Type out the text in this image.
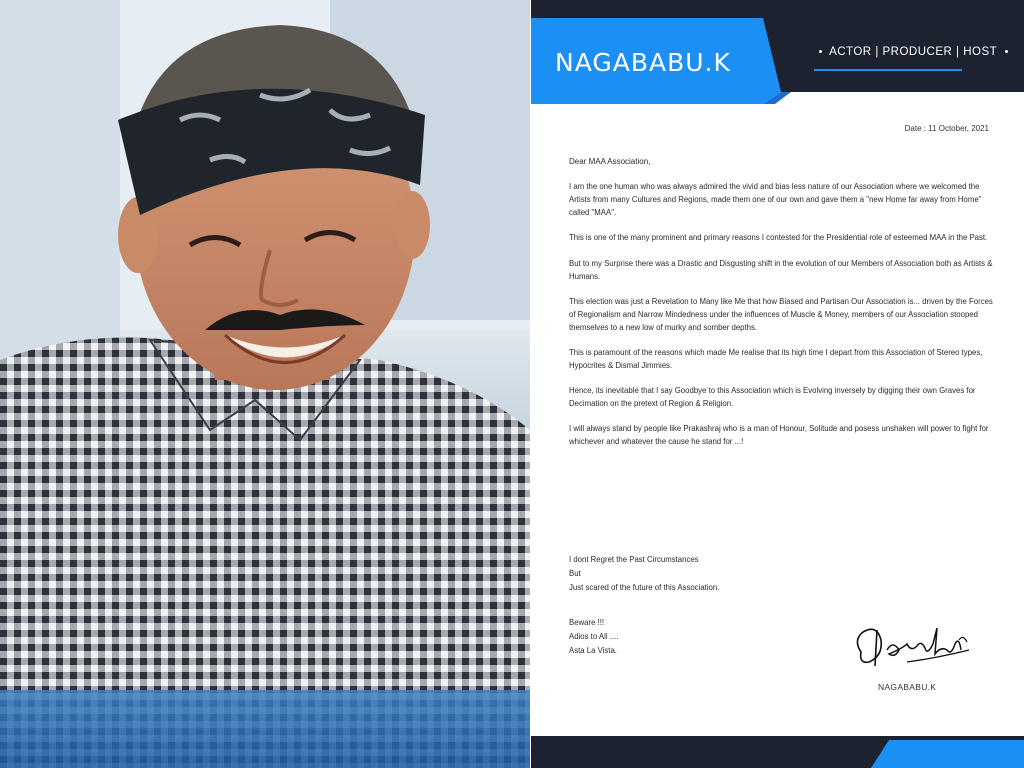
NAGABABU.K	ACTOR | PRODUCER | HOST
Date : 11 October, 2021

Dear MAA Association,

I am the one human who was always admired the vivid and bias less nature of our Association where we welcomed the Artists from many Cultures and Regions, made them one of our own and gave them a "new Home far away from Home" called "MAA".

This is one of the many prominent and primary reasons I contested for the Presidential role of esteemed MAA in the Past.

But to my Surprise there was a Drastic and Disgusting shift in the evolution of our Members of Association both as Artists & Humans.

This election was just a Revelation to Many like Me that how Biased and Partisan Our Association is... driven by the Forces of Regionalism and Narrow Mindedness under the influences of Muscle & Money, members of our Association stooped themselves to a new low of murky and somber depths.

This is paramount of the reasons which made Me realise that its high time I depart from this Association of Stereo types, Hypocrites & Dismal Jimmies.

Hence, its inevitable that I say Goodbye to this Association which is Evolving inversely by digging their own Graves for Decimation on the pretext of Region & Religion.

I will always stand by people like Prakashraj who is a man of Honour, Solitude and posess unshaken will power to fight for whichever and whatever the cause he stand for ...!

I dont Regret the Past Circumstances
But
Just scared of the future of this Association.
Beware !!!
Adios to All ....
Asta La Vista.
NAGABABU.K
